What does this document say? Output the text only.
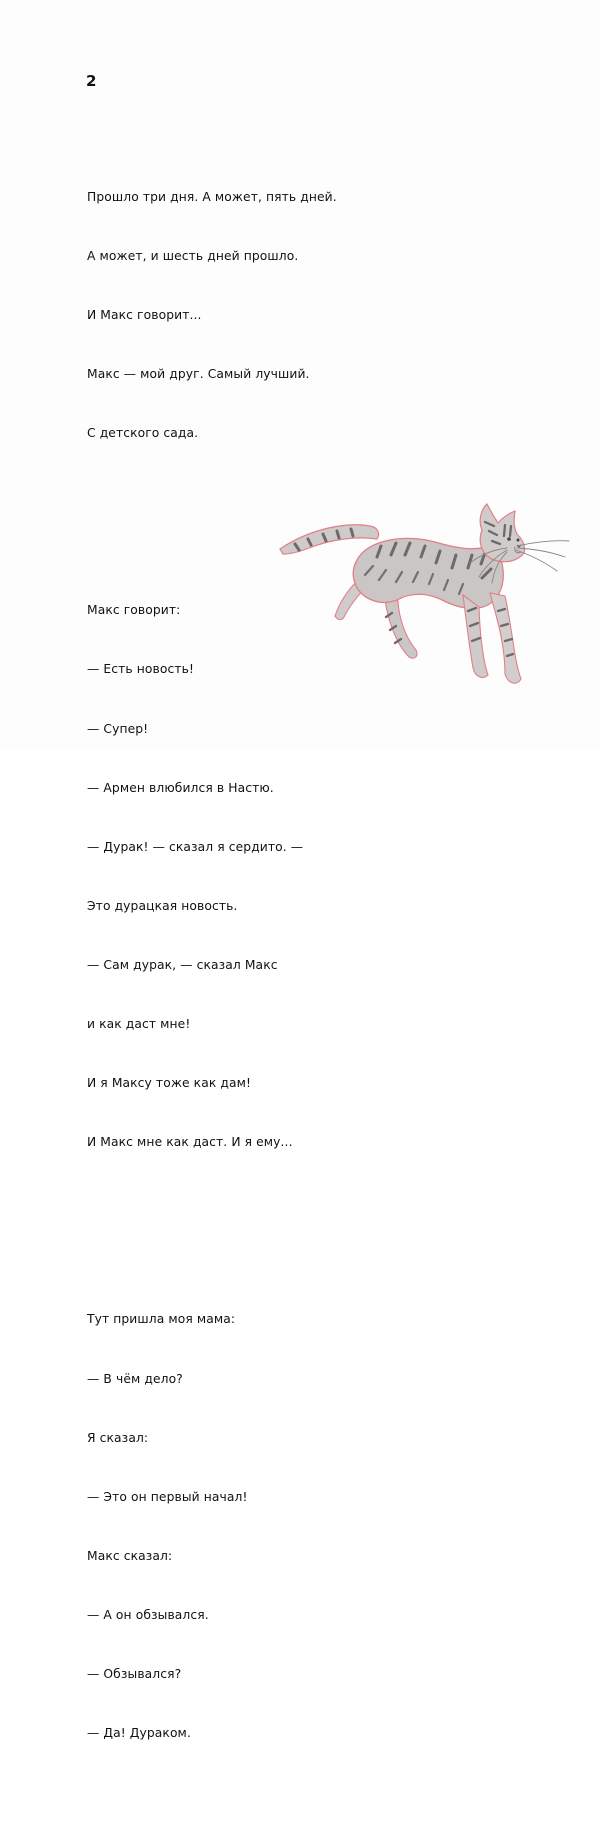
2

Прошло три дня. А может, пять дней.

А может, и шесть дней прошло.

И Макс говорит...

Макс — мой друг. Самый лучший.

С детского сада.

Макс говорит:

— Есть новость!

— Супер!

— Армен влюбился в Настю.

— Дурак! — сказал я сердито. —

Это дурацкая новость.

— Сам дурак, — сказал Макс

и как даст мне!

И я Максу тоже как дам!

И Макс мне как даст. И я ему...

Тут пришла моя мама:

— В чём дело?

Я сказал:

— Это он первый начал!

Макс сказал:

— А он обзывался.

— Обзывался?

— Да! Дураком.
